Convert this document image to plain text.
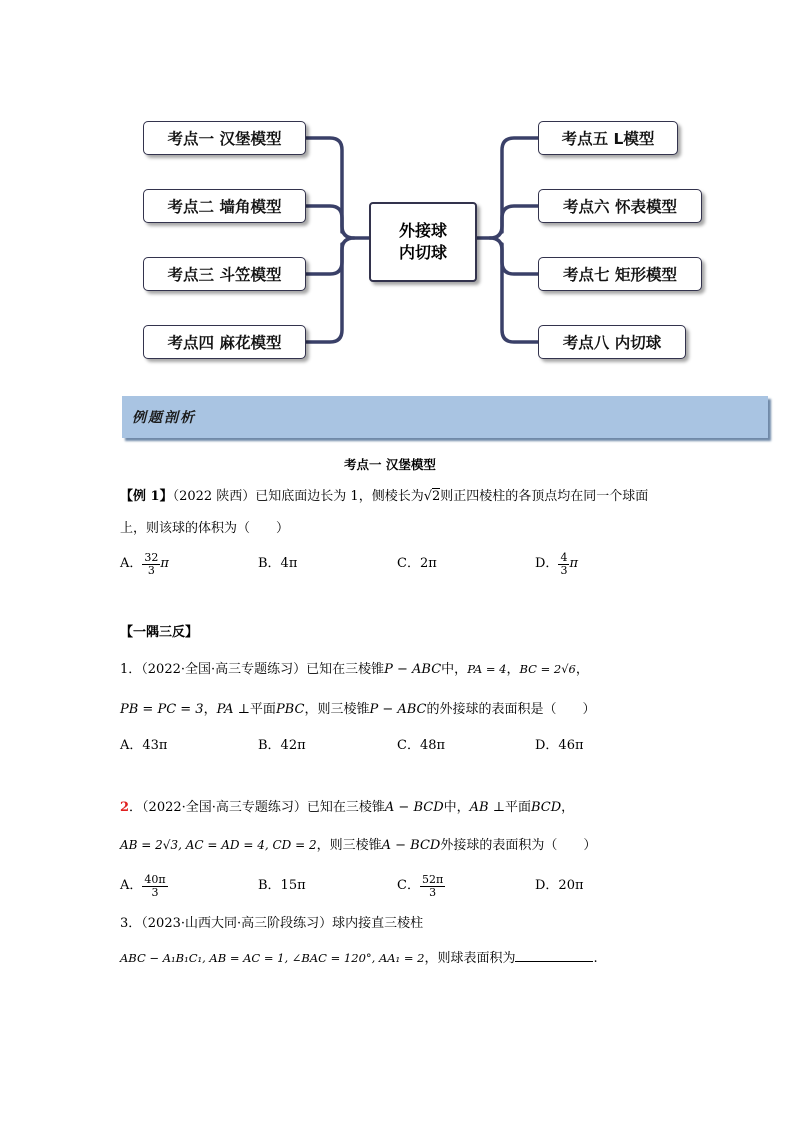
考点一 汉堡模型
考点二 墙角模型
考点三 斗笠模型
考点四 麻花模型
外接球
内切球
考点五 L模型
考点六 怀表模型
考点七 矩形模型
考点八 内切球
例题剖析
考点一 汉堡模型
【例 1】（2022 陕西）已知底面边长为 1，侧棱长为√2则正四棱柱的各顶点均在同一个球面
上，则该球的体积为（　　）
A． $\frac{32}{3}$ π	B．4π	C．2π	D． $\frac{4}{3}$ π
【一隅三反】
1．（2022·全国·高三专题练习）已知在三棱锥P − ABC中，PA = 4，BC = 2√6，
PB = PC = 3，PA ⊥平面PBC，则三棱锥P − ABC的外接球的表面积是（　　）
A．43π	B．42π	C．48π	D．46π
2．（2022·全国·高三专题练习）已知在三棱锥A − BCD中，AB ⊥平面BCD，
AB = 2√3, AC = AD = 4, CD = 2，则三棱锥A − BCD外接球的表面积为（　　）
A． $\frac{40\pi}{3}$	B．15π	C． $\frac{52\pi}{3}$	D．20π
3．（2023·山西大同·高三阶段练习）球内接直三棱柱
ABC − A₁B₁C₁, AB = AC = 1, ∠BAC = 120°, AA₁ = 2，则球表面积为	.
